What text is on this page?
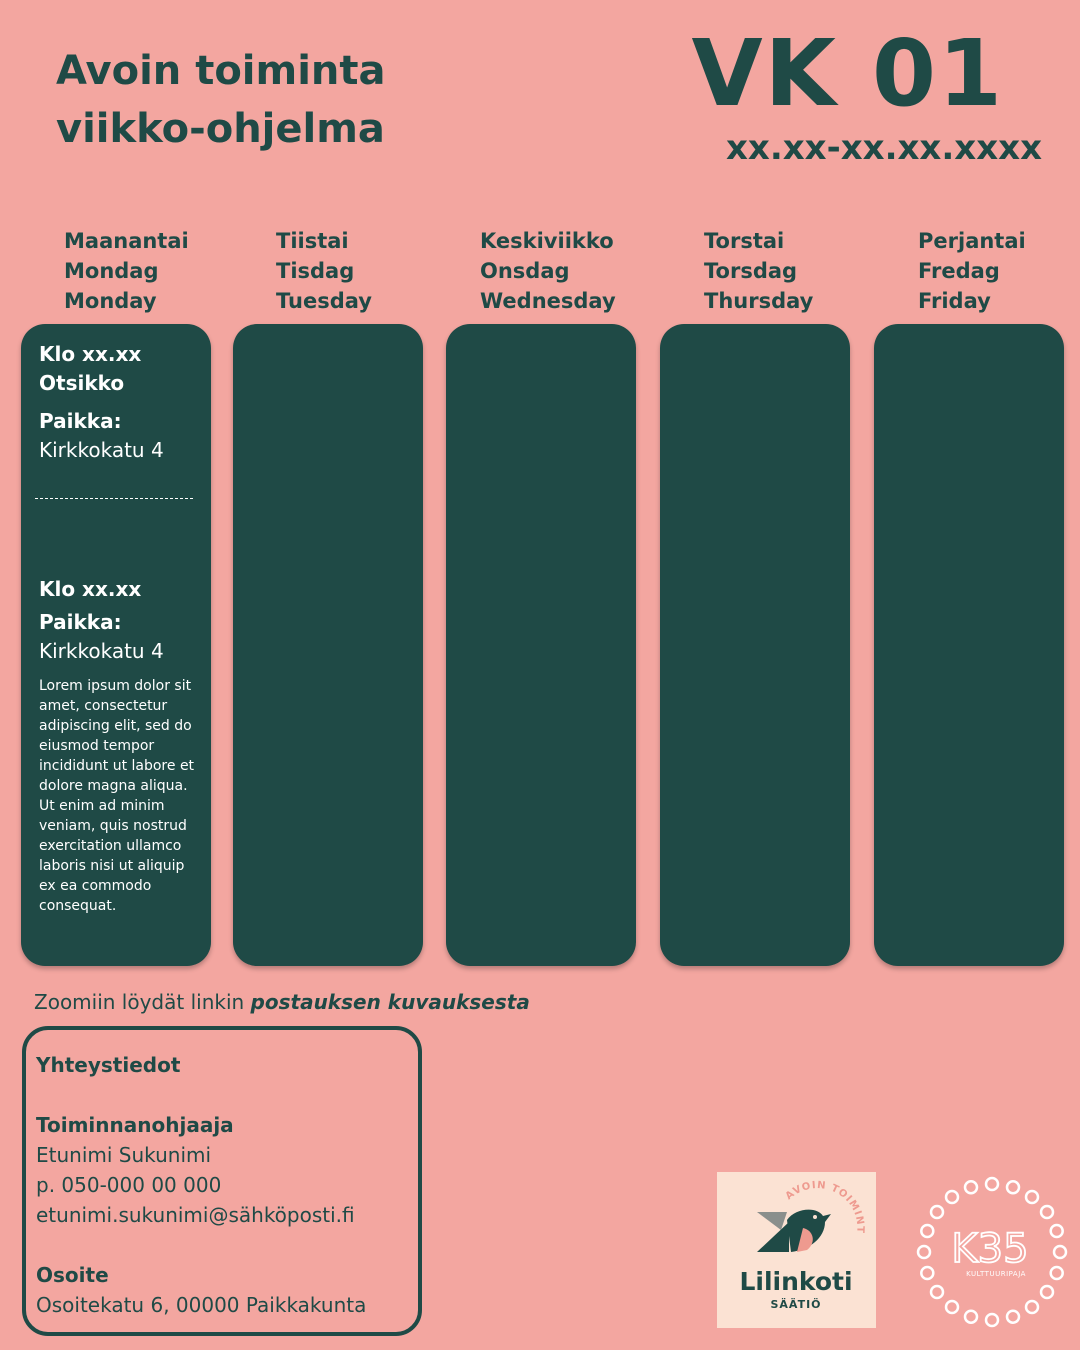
Avoin toiminta
viikko-ohjelma
VK 01
xx.xx-xx.xx.xxxx
Maanantai
Mondag
Monday
Tiistai
Tisdag
Tuesday
Keskiviikko
Onsdag
Wednesday
Torstai
Torsdag
Thursday
Perjantai
Fredag
Friday
Klo xx.xx
Otsikko
Paikka:
Kirkkokatu 4
Klo xx.xx
Paikka:
Kirkkokatu 4
Lorem ipsum dolor sit amet, consectetur adipiscing elit, sed do eiusmod tempor incididunt ut labore et dolore magna aliqua. Ut enim ad minim veniam, quis nostrud exercitation ullamco laboris nisi ut aliquip ex ea commodo consequat.
Zoomiin löydät linkin postauksen kuvauksesta
Yhteystiedot
Toiminnanohjaaja
Etunimi Sukunimi
p. 050-000 00 000
etunimi.sukunimi@sähköposti.fi
Osoite
Osoitekatu 6, 00000 Paikkakunta
AVOIN TOIMINT
Lilinkoti
SÄÄTIÖ
K35
KULTTUURIPAJA
